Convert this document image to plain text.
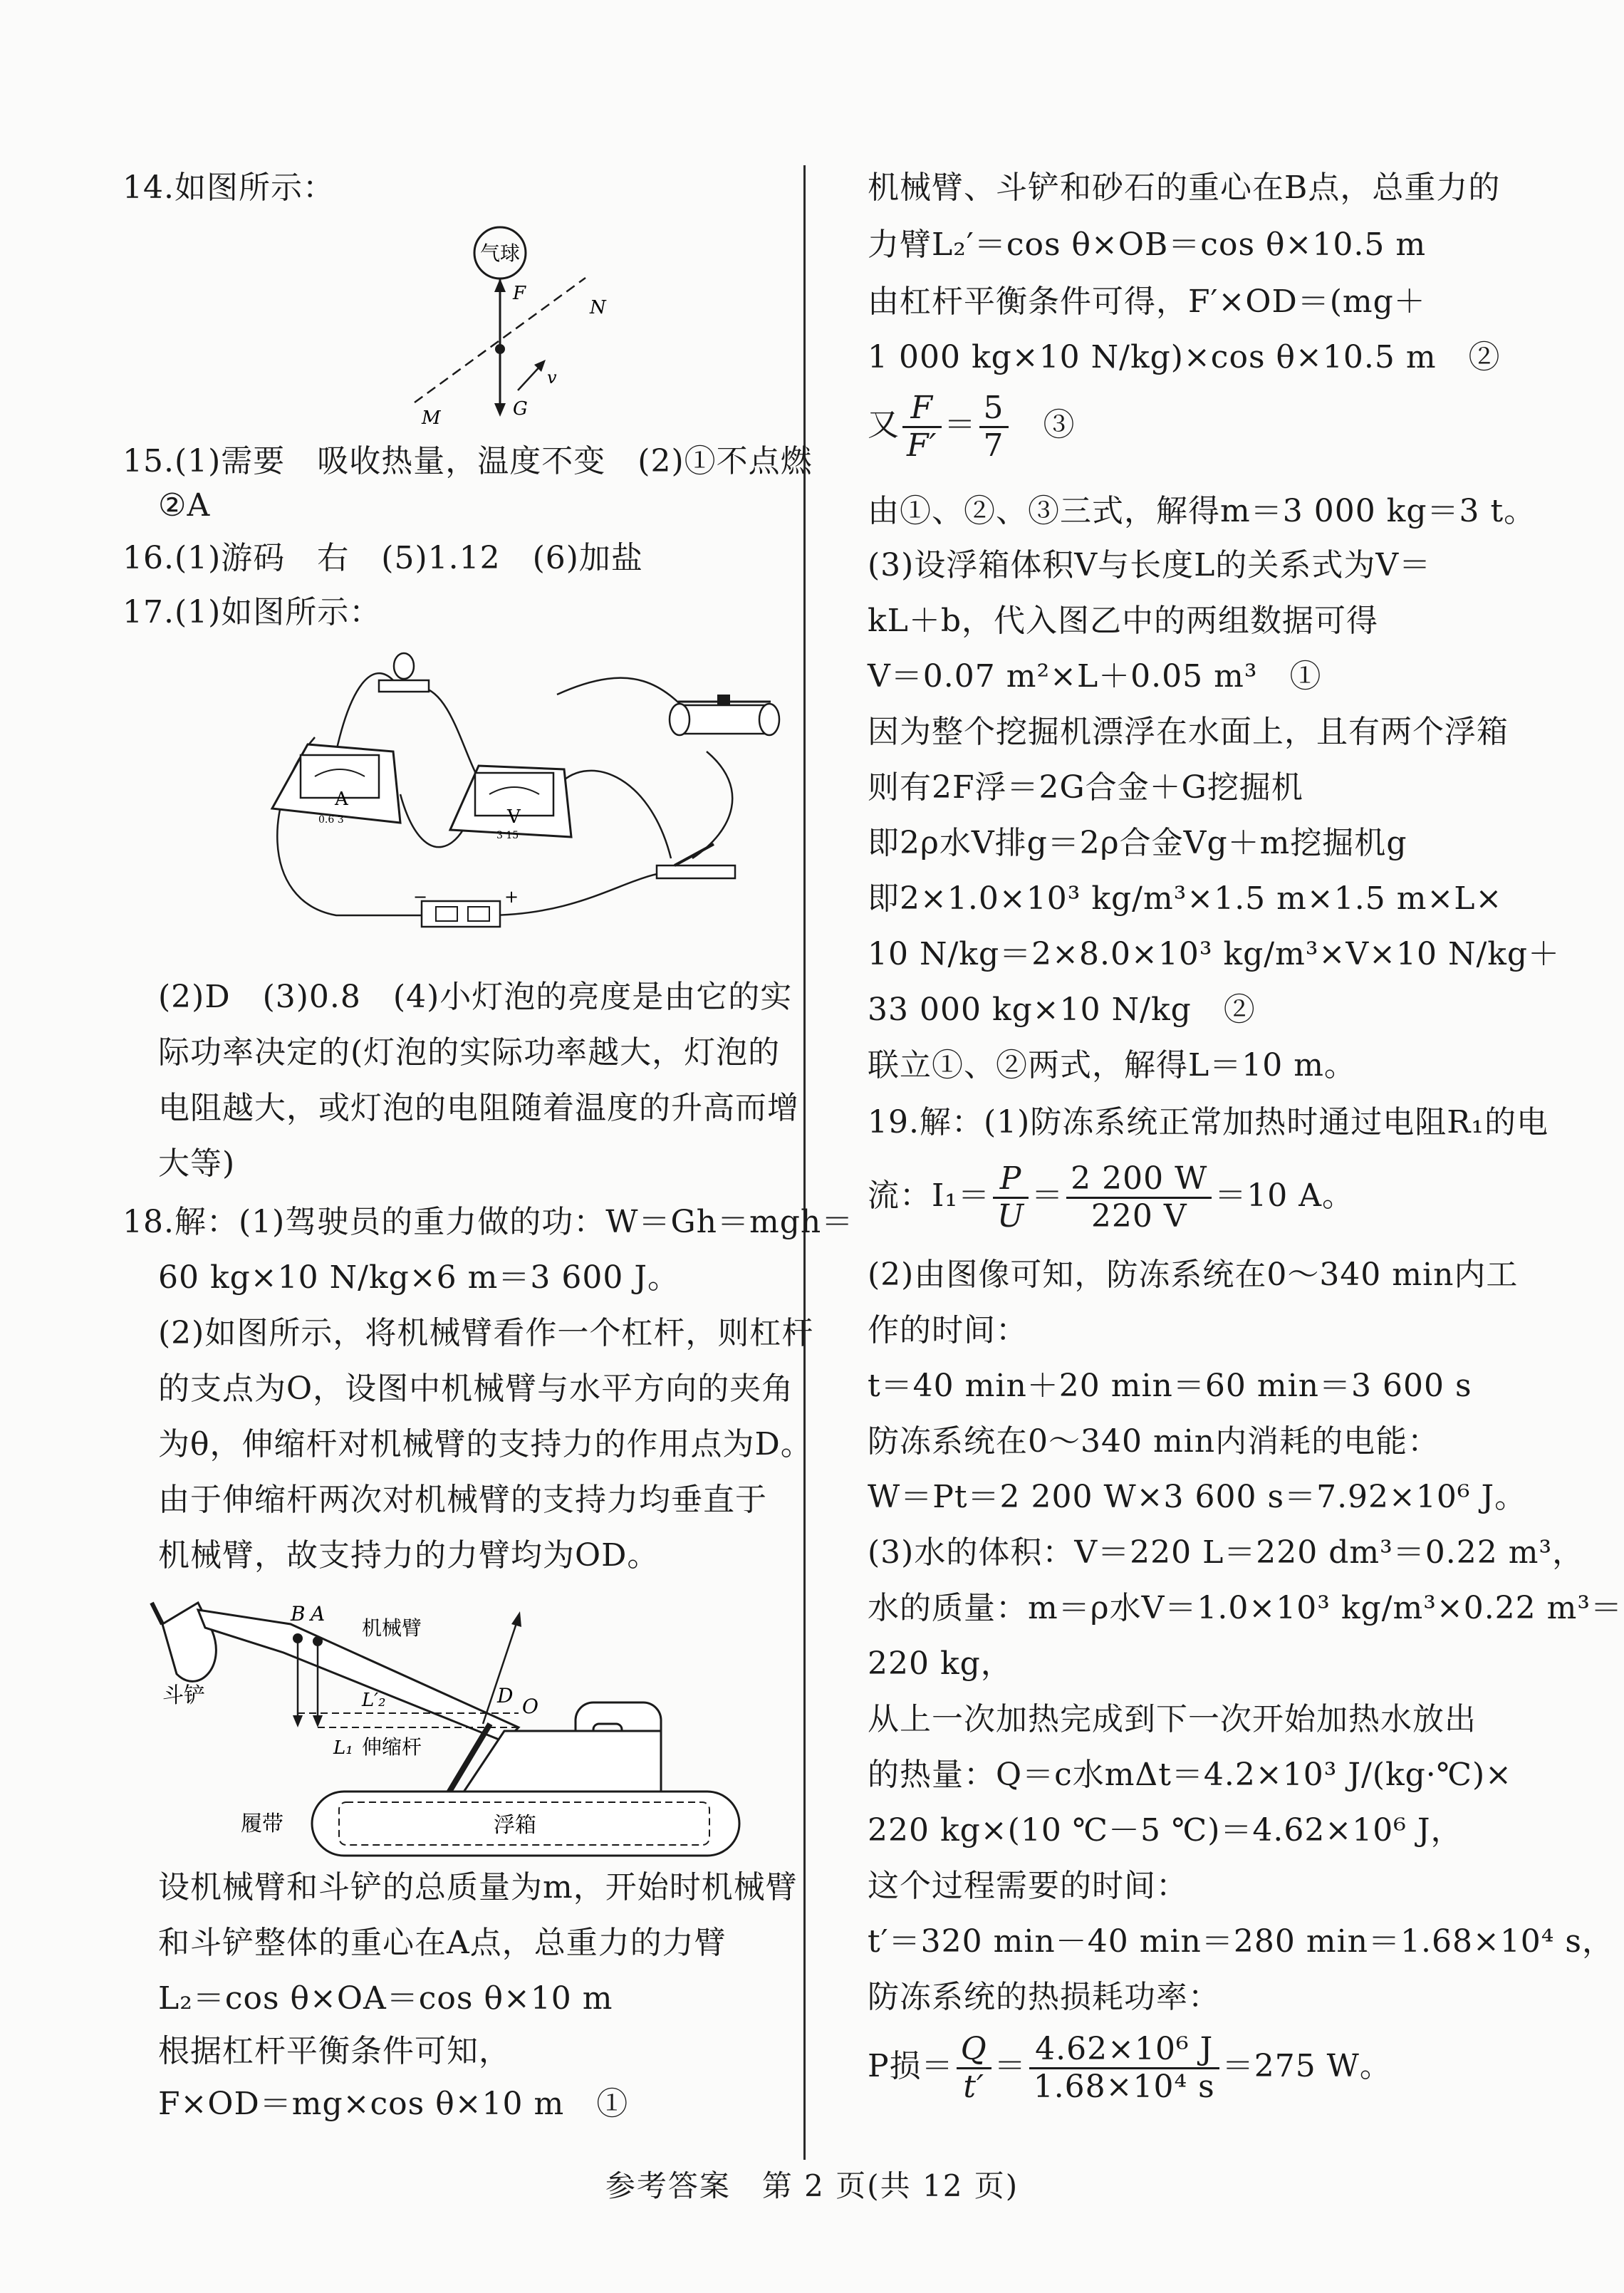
14.如图所示：
气球
F
N
v
M	G
15.(1)需要　吸收热量，温度不变　(2)①不点燃
②A
16.(1)游码　右　(5)1.12　(6)加盐
17.(1)如图所示：
A
0.6 3	V
3 15
−	+
(2)D　(3)0.8　(4)小灯泡的亮度是由它的实
际功率决定的(灯泡的实际功率越大，灯泡的
电阻越大，或灯泡的电阻随着温度的升高而增
大等)
18.解：(1)驾驶员的重力做的功：W＝Gh＝mgh＝
60 kg×10 N/kg×6 m＝3 600 J。
(2)如图所示，将机械臂看作一个杠杆，则杠杆
的支点为O，设图中机械臂与水平方向的夹角
为θ，伸缩杆对机械臂的支持力的作用点为D。
由于伸缩杆两次对机械臂的支持力均垂直于
机械臂，故支持力的力臂均为OD。
斗铲
B A
机械臂
L′₂	D O
L₁ 伸缩杆
履带	浮箱
设机械臂和斗铲的总质量为m，开始时机械臂
和斗铲整体的重心在A点，总重力的力臂
L₂＝cos θ×OA＝cos θ×10 m
根据杠杆平衡条件可知，
F×OD＝mg×cos θ×10 m　①
机械臂、斗铲和砂石的重心在B点，总重力的
力臂L₂′＝cos θ×OB＝cos θ×10.5 m
由杠杆平衡条件可得，F′×OD＝(mg＋
1 000 kg×10 N/kg)×cos θ×10.5 m　②
又 $\frac{F}{F'} = \frac{5}{7}$ 　③
由①、②、③三式，解得m＝3 000 kg＝3 t。
(3)设浮箱体积V与长度L的关系式为V＝
kL＋b，代入图乙中的两组数据可得
V＝0.07 m²×L＋0.05 m³　①
因为整个挖掘机漂浮在水面上，且有两个浮箱
则有2F浮＝2G合金＋G挖掘机
即2ρ水V排g＝2ρ合金Vg＋m挖掘机g
即2×1.0×10³ kg/m³×1.5 m×1.5 m×L×
10 N/kg＝2×8.0×10³ kg/m³×V×10 N/kg＋
33 000 kg×10 N/kg　②
联立①、②两式，解得L＝10 m。
19.解：(1)防冻系统正常加热时通过电阻R₁的电
流：$I_1= \frac{P}{U} = \frac{2 200 W}{220 V} =10$ A。
(2)由图像可知，防冻系统在0～340 min内工
作的时间：
t＝40 min＋20 min＝60 min＝3 600 s
防冻系统在0～340 min内消耗的电能：
W＝Pt＝2 200 W×3 600 s＝7.92×10⁶ J。
(3)水的体积：V＝220 L＝220 dm³＝0.22 m³，
水的质量：m＝ρ水V＝1.0×10³ kg/m³×0.22 m³＝
220 kg，
从上一次加热完成到下一次开始加热水放出
的热量：Q＝c水mΔt＝4.2×10³ J/(kg·℃)×
220 kg×(10 ℃－5 ℃)＝4.62×10⁶ J，
这个过程需要的时间：
t′＝320 min－40 min＝280 min＝1.68×10⁴ s，
防冻系统的热损耗功率：
P损＝ $\frac{Q}{t'} = \frac{\text{4.62×10⁶ J}}{\text{1.68×10⁴ s}} =275$ W。
参考答案　第 2 页(共 12 页)
